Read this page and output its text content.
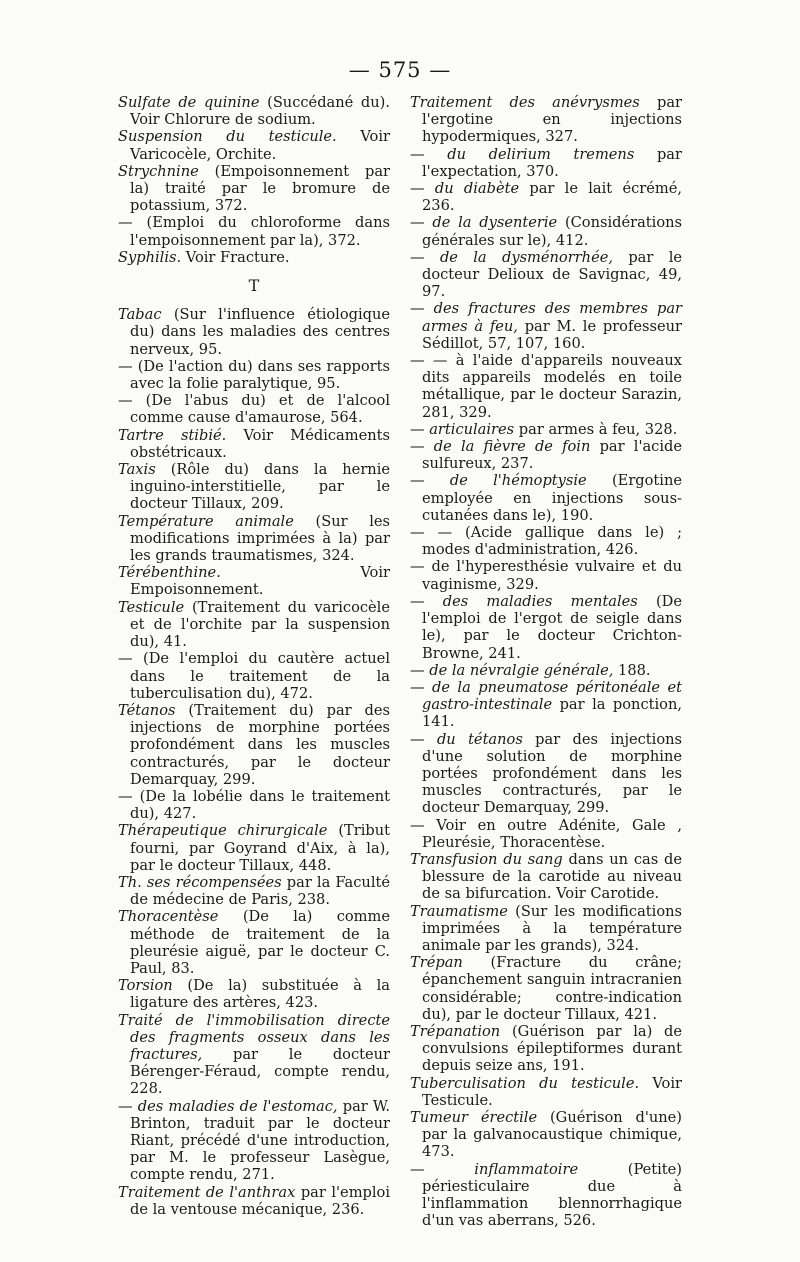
— 575 —

Sulfate de quinine (Succédané du). Voir Chlorure de sodium.

Suspension du testicule. Voir Varicocèle, Orchite.

Strychnine (Empoisonnement par la) traité par le bromure de potassium, 372.

— (Emploi du chloroforme dans l'empoisonnement par la), 372.

Syphilis. Voir Fracture.

T

Tabac (Sur l'influence étiologique du) dans les maladies des centres nerveux, 95.

— (De l'action du) dans ses rapports avec la folie paralytique, 95.

— (De l'abus du) et de l'alcool comme cause d'amaurose, 564.

Tartre stibié. Voir Médicaments obstétricaux.

Taxis (Rôle du) dans la hernie inguino-interstitielle, par le docteur Tillaux, 209.

Température animale (Sur les modifications imprimées à la) par les grands traumatismes, 324.

Térébenthine. Voir Empoisonnement.

Testicule (Traitement du varicocèle et de l'orchite par la suspension du), 41.

— (De l'emploi du cautère actuel dans le traitement de la tuberculisation du), 472.

Tétanos (Traitement du) par des injections de morphine portées profondément dans les muscles contracturés, par le docteur Demarquay, 299.

— (De la lobélie dans le traitement du), 427.

Thérapeutique chirurgicale (Tribut fourni, par Goyrand d'Aix, à la), par le docteur Tillaux, 448.

Th. ses récompensées par la Faculté de médecine de Paris, 238.

Thoracentèse (De la) comme méthode de traitement de la pleurésie aiguë, par le docteur C. Paul, 83.

Torsion (De la) substituée à la ligature des artères, 423.

Traité de l'immobilisation directe des fragments osseux dans les fractures, par le docteur Bérenger-Féraud, compte rendu, 228.

— des maladies de l'estomac, par W. Brinton, traduit par le docteur Riant, précédé d'une introduction, par M. le professeur Lasègue, compte rendu, 271.

Traitement de l'anthrax par l'emploi de la ventouse mécanique, 236.

Traitement des anévrysmes par l'ergotine en injections hypodermiques, 327.

— du delirium tremens par l'expectation, 370.

— du diabète par le lait écrémé, 236.

— de la dysenterie (Considérations générales sur le), 412.

— de la dysménorrhée, par le docteur Delioux de Savignac, 49, 97.

— des fractures des membres par armes à feu, par M. le professeur Sédillot, 57, 107, 160.

— — à l'aide d'appareils nouveaux dits appareils modelés en toile métallique, par le docteur Sarazin, 281, 329.

— articulaires par armes à feu, 328.

— de la fièvre de foin par l'acide sulfureux, 237.

— de l'hémoptysie (Ergotine employée en injections sous-cutanées dans le), 190.

— — (Acide gallique dans le) ; modes d'administration, 426.

— de l'hyperesthésie vulvaire et du vaginisme, 329.

— des maladies mentales (De l'emploi de l'ergot de seigle dans le), par le docteur Crichton-Browne, 241.

— de la névralgie générale, 188.

— de la pneumatose péritonéale et gastro-intestinale par la ponction, 141.

— du tétanos par des injections d'une solution de morphine portées profondément dans les muscles contracturés, par le docteur Demarquay, 299.

— Voir en outre Adénite, Gale , Pleurésie, Thoracentèse.

Transfusion du sang dans un cas de blessure de la carotide au niveau de sa bifurcation. Voir Carotide.

Traumatisme (Sur les modifications imprimées à la température animale par les grands), 324.

Trépan (Fracture du crâne; épanchement sanguin intracranien considérable; contre-indication du), par le docteur Tillaux, 421.

Trépanation (Guérison par la) de convulsions épileptiformes durant depuis seize ans, 191.

Tuberculisation du testicule. Voir Testicule.

Tumeur érectile (Guérison d'une) par la galvanocaustique chimique, 473.

— inflammatoire (Petite) périesticulaire due à l'inflammation blennorrhagique d'un vas aberrans, 526.
